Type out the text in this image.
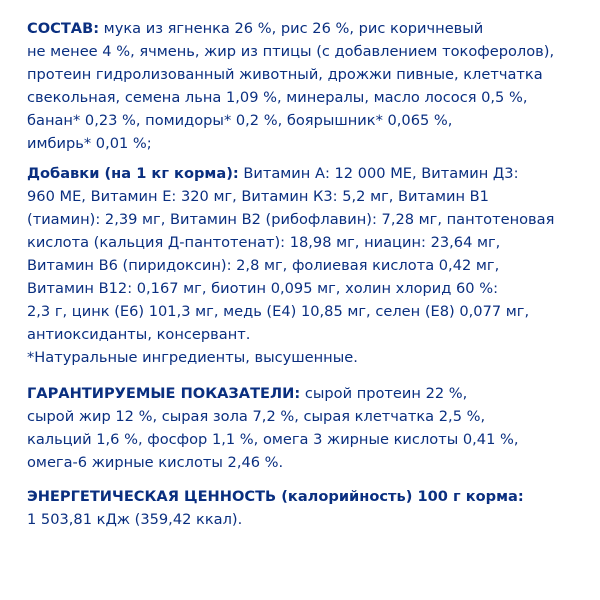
СОСТАВ: мука из ягненка 26 %, рис 26 %, рис коричневый
не менее 4 %, ячмень, жир из птицы (с добавлением токоферолов),
протеин гидролизованный животный, дрожжи пивные, клетчатка
свекольная, семена льна 1,09 %, минералы, масло лосося 0,5 %,
банан* 0,23 %, помидоры* 0,2 %, боярышник* 0,065 %,
имбирь* 0,01 %;
Добавки (на 1 кг корма): Витамин А: 12 000 МЕ, Витамин Д3:
960 МЕ, Витамин Е: 320 мг, Витамин К3: 5,2 мг, Витамин В1
(тиамин): 2,39 мг, Витамин В2 (рибофлавин): 7,28 мг, пантотеновая
кислота (кальция Д-пантотенат): 18,98 мг, ниацин: 23,64 мг,
Витамин В6 (пиридоксин): 2,8 мг, фолиевая кислота 0,42 мг,
Витамин В12: 0,167 мг, биотин 0,095 мг, холин хлорид 60 %:
2,3 г, цинк (Е6) 101,3 мг, медь (Е4) 10,85 мг, селен (Е8) 0,077 мг,
антиоксиданты, консервант.
*Натуральные ингредиенты, высушенные.
ГАРАНТИРУЕМЫЕ ПОКАЗАТЕЛИ: сырой протеин 22 %,
сырой жир 12 %, сырая зола 7,2 %, сырая клетчатка 2,5 %,
кальций 1,6 %, фосфор 1,1 %, омега 3 жирные кислоты 0,41 %,
омега-6 жирные кислоты 2,46 %.
ЭНЕРГЕТИЧЕСКАЯ ЦЕННОСТЬ (калорийность) 100 г корма:
1 503,81 кДж (359,42 ккал).
